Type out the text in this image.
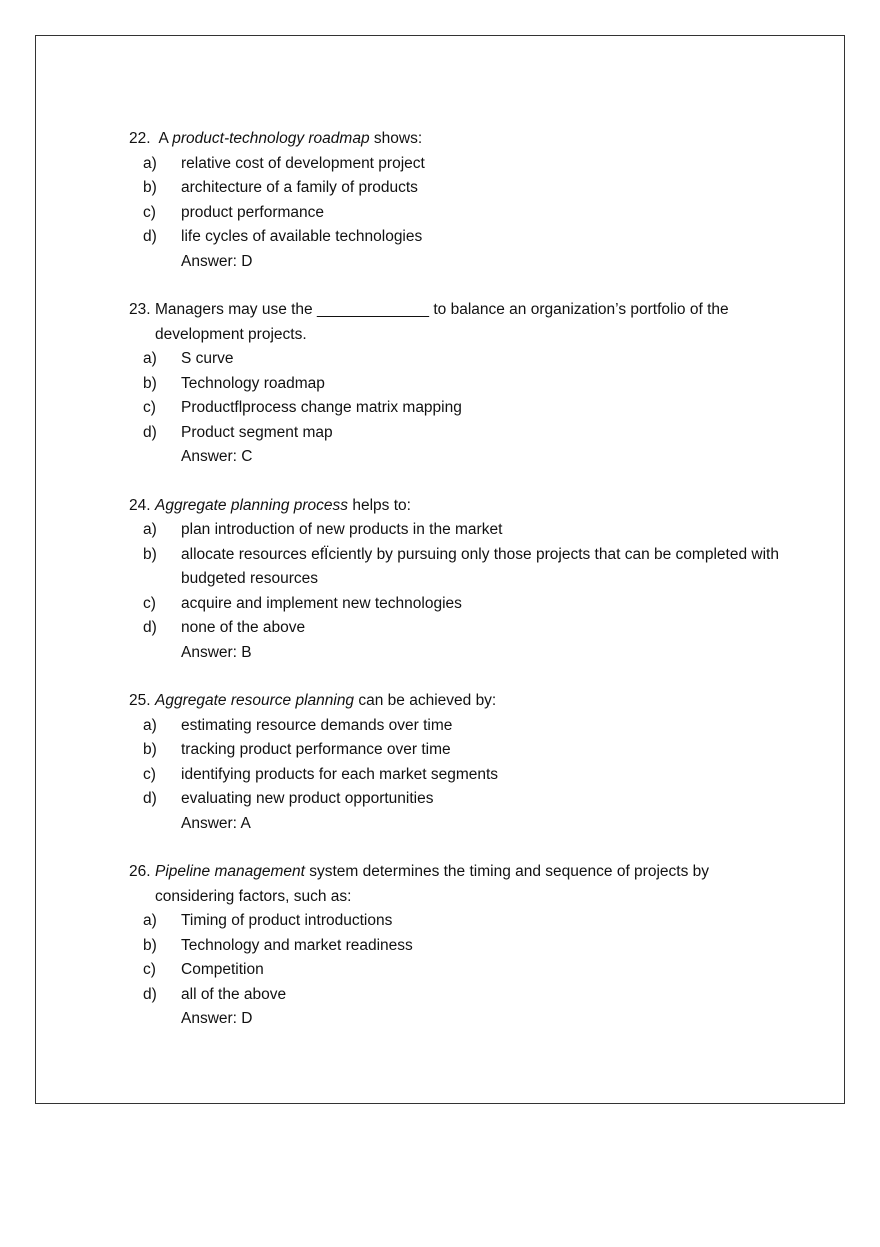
22. A product-technology roadmap shows:
a)	relative cost of development project
b)	architecture of a family of products
c)	product performance
d)	life cycles of available technologies
Answer: D
23. Managers may use the _____________ to balance an organization’s portfolio of the development projects.
a)	S curve
b)	Technology roadmap
c)	Productflprocess change matrix mapping
d)	Product segment map
Answer: C
24. Aggregate planning process helps to:
a)	plan introduction of new products in the market
b)	allocate resources efÏciently by pursuing only those projects that can be completed with budgeted resources
c)	acquire and implement new technologies
d)	none of the above
Answer: B
25. Aggregate resource planning can be achieved by:
a)	estimating resource demands over time
b)	tracking product performance over time
c)	identifying products for each market segments
d)	evaluating new product opportunities
Answer: A
26. Pipeline management system determines the timing and sequence of projects by considering factors, such as:
a)	Timing of product introductions
b)	Technology and market readiness
c)	Competition
d)	all of the above
Answer: D
